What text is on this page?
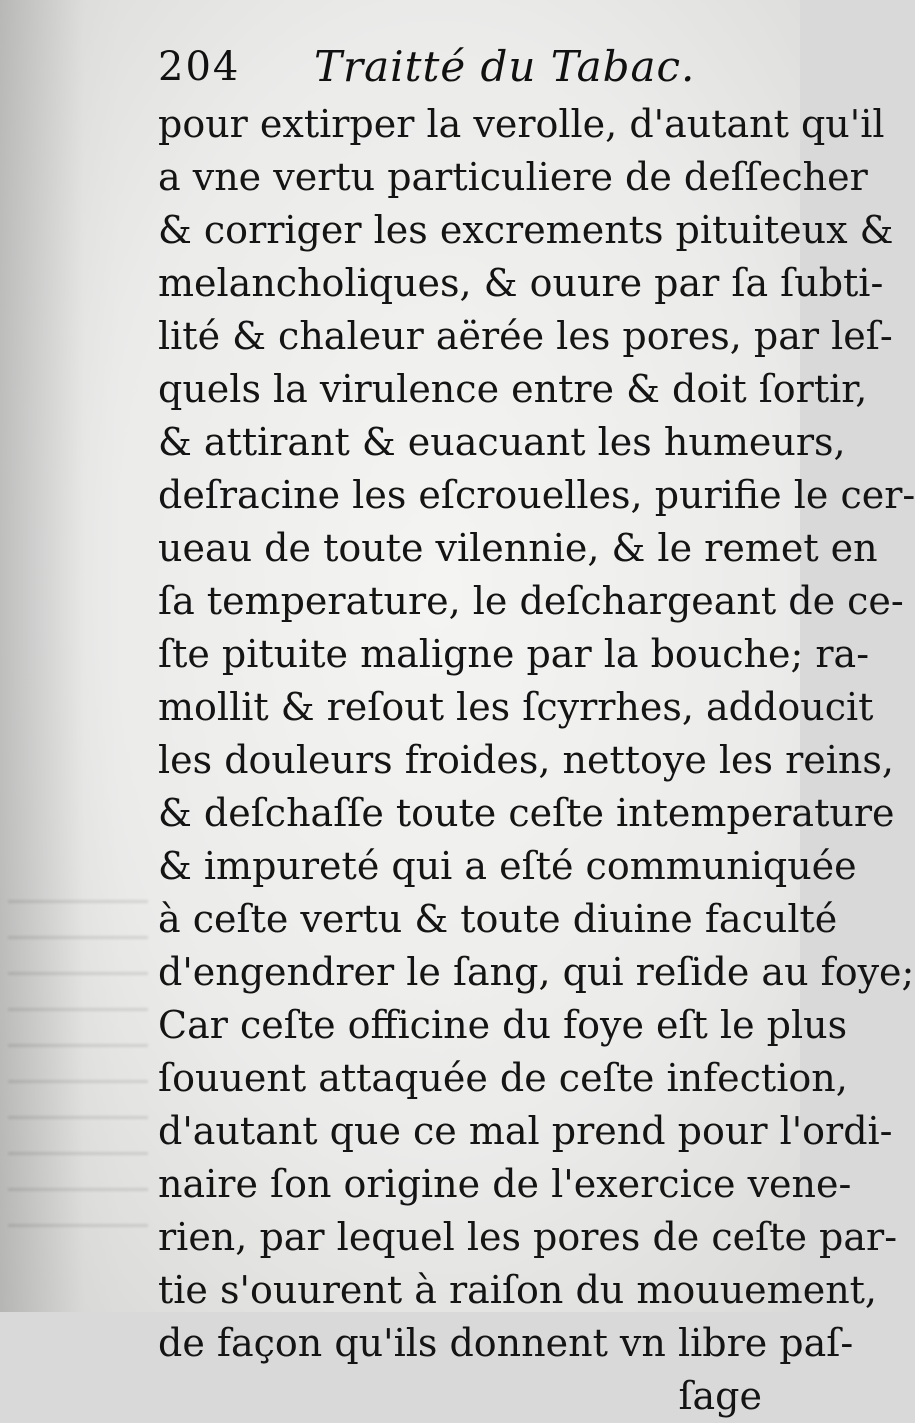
204 Traitté du Tabac.
pour extirper la verolle, d'autant qu'il
a vne vertu particuliere de deſſecher
& corriger les excrements pituiteux &
melancholiques, & ouure par ſa ſubti-
lité & chaleur aërée les pores, par leſ-
quels la virulence entre & doit ſortir,
& attirant & euacuant les humeurs,
deſracine les eſcrouelles, purifie le cer-
ueau de toute vilennie, & le remet en
ſa temperature, le deſchargeant de ce-
ſte pituite maligne par la bouche; ra-
mollit & reſout les ſcyrrhes, addoucit
les douleurs froides, nettoye les reins,
& deſchaſſe toute ceſte intemperature
& impureté qui a eſté communiquée
à ceſte vertu & toute diuine faculté
d'engendrer le ſang, qui reſide au foye;
Car ceſte officine du foye eſt le plus
ſouuent attaquée de ceſte infection,
d'autant que ce mal prend pour l'ordi-
naire ſon origine de l'exercice vene-
rien, par lequel les pores de ceſte par-
tie s'ouurent à raiſon du mouuement,
de façon qu'ils donnent vn libre paſ-
ſage
